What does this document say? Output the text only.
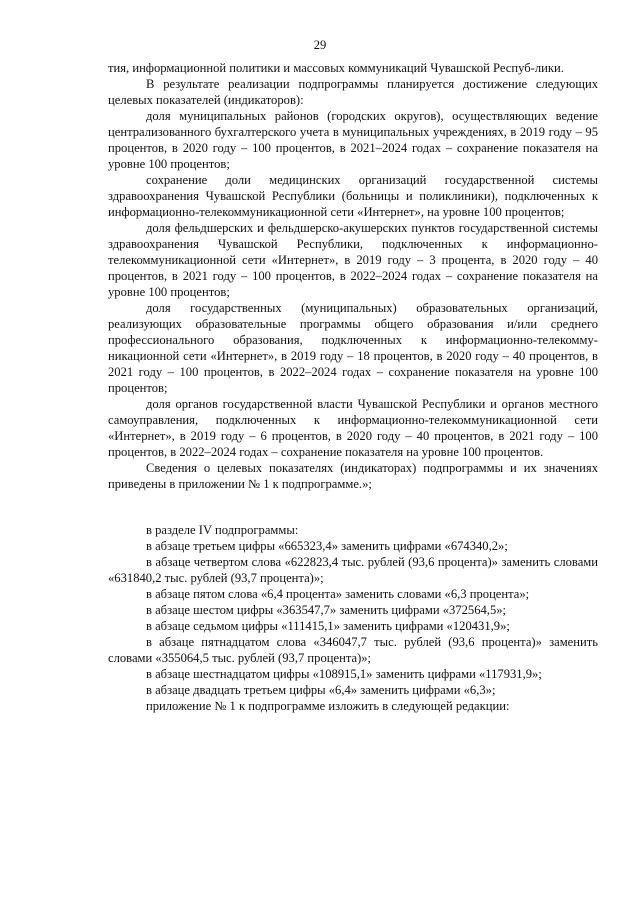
29

тия, информационной политики и массовых коммуникаций Чувашской Респуб-лики.

В результате реализации подпрограммы планируется достижение следующих целевых показателей (индикаторов):

доля муниципальных районов (городских округов), осуществляющих ведение централизованного бухгалтерского учета в муниципальных учреждениях, в 2019 году – 95 процентов, в 2020 году – 100 процентов, в 2021–2024 годах – сохранение показателя на уровне 100 процентов;

сохранение доли медицинских организаций государственной системы здравоохранения Чувашской Республики (больницы и поликлиники), подключенных к информационно-телекоммуникационной сети «Интернет», на уровне 100 процентов;

доля фельдшерских и фельдшерско-акушерских пунктов государственной системы здравоохранения Чувашской Республики, подключенных к информационно-телекоммуникационной сети «Интернет», в 2019 году – 3 процента, в 2020 году – 40 процентов, в 2021 году – 100 процентов, в 2022–2024 годах – сохранение показателя на уровне 100 процентов;

доля государственных (муниципальных) образовательных организаций, реализующих образовательные программы общего образования и/или среднего профессионального образования, подключенных к информационно-телекоммуникационной сети «Интернет», в 2019 году – 18 процентов, в 2020 году – 40 процентов, в 2021 году – 100 процентов, в 2022–2024 годах – сохранение показателя на уровне 100 процентов;

доля органов государственной власти Чувашской Республики и органов местного самоуправления, подключенных к информационно-телекоммуникационной сети «Интернет», в 2019 году – 6 процентов, в 2020 году – 40 процентов, в 2021 году – 100 процентов, в 2022–2024 годах – сохранение показателя на уровне 100 процентов.

Сведения о целевых показателях (индикаторах) подпрограммы и их значениях приведены в приложении № 1 к подпрограмме.»;

в разделе IV подпрограммы:

в абзаце третьем цифры «665323,4» заменить цифрами «674340,2»;

в абзаце четвертом слова «622823,4 тыс. рублей (93,6 процента)» заменить словами «631840,2 тыс. рублей (93,7 процента)»;

в абзаце пятом слова «6,4 процента» заменить словами «6,3 процента»;

в абзаце шестом цифры «363547,7» заменить цифрами «372564,5»;

в абзаце седьмом цифры «111415,1» заменить цифрами «120431,9»;

в абзаце пятнадцатом слова «346047,7 тыс. рублей (93,6 процента)» заменить словами «355064,5 тыс. рублей (93,7 процента)»;

в абзаце шестнадцатом цифры «108915,1» заменить цифрами «117931,9»;

в абзаце двадцать третьем цифры «6,4» заменить цифрами «6,3»;

приложение № 1 к подпрограмме изложить в следующей редакции:
